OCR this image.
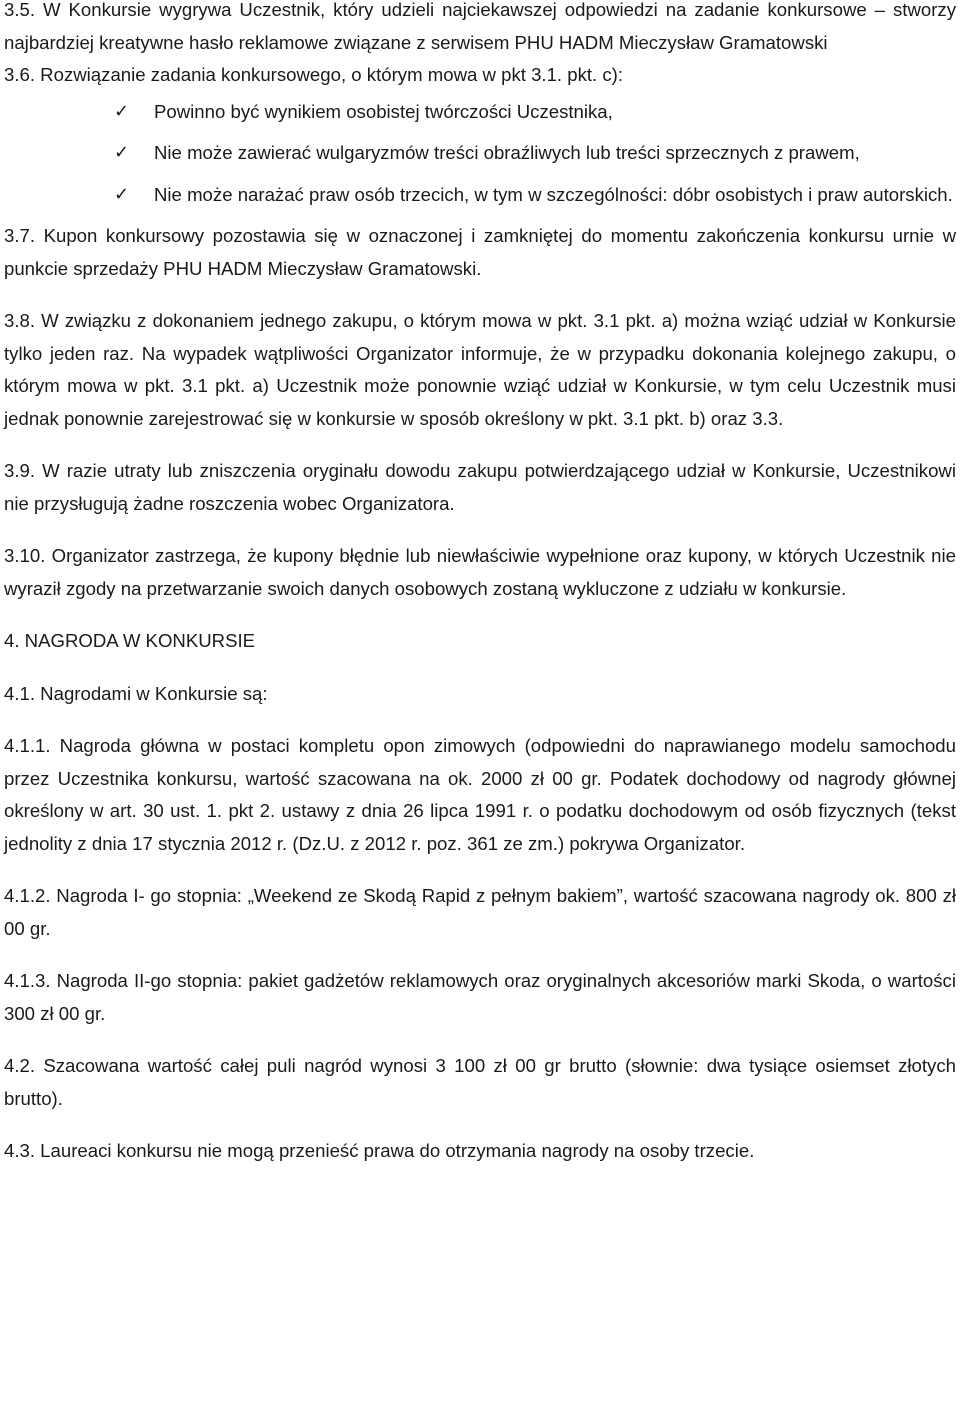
3.5. W Konkursie wygrywa Uczestnik, który udzieli najciekawszej odpowiedzi na zadanie konkursowe – stworzy najbardziej kreatywne hasło reklamowe związane z serwisem PHU HADM Mieczysław Gramatowski

3.6. Rozwiązanie zadania konkursowego, o którym mowa w pkt 3.1. pkt. c):

✓	Powinno być wynikiem osobistej twórczości Uczestnika,
✓	Nie może zawierać wulgaryzmów treści obraźliwych lub treści sprzecznych z prawem,
✓	Nie może narażać praw osób trzecich, w tym w szczególności: dóbr osobistych i praw autorskich.

3.7. Kupon konkursowy pozostawia się w oznaczonej i zamkniętej do momentu zakończenia konkursu urnie w punkcie sprzedaży PHU HADM Mieczysław Gramatowski.

3.8. W związku z dokonaniem jednego zakupu, o którym mowa w pkt. 3.1 pkt. a) można wziąć udział w Konkursie tylko jeden raz. Na wypadek wątpliwości Organizator informuje, że w przypadku dokonania kolejnego zakupu, o którym mowa w pkt. 3.1 pkt. a) Uczestnik może ponownie wziąć udział w Konkursie, w tym celu Uczestnik musi jednak ponownie zarejestrować się w konkursie w sposób określony w pkt. 3.1 pkt. b) oraz 3.3.

3.9. W razie utraty lub zniszczenia oryginału dowodu zakupu potwierdzającego udział w Konkursie, Uczestnikowi nie przysługują żadne roszczenia wobec Organizatora.

3.10. Organizator zastrzega, że kupony błędnie lub niewłaściwie wypełnione oraz kupony, w których Uczestnik nie wyraził zgody na przetwarzanie swoich danych osobowych zostaną wykluczone z udziału w konkursie.

4. NAGRODA W KONKURSIE

4.1. Nagrodami w Konkursie są:

4.1.1. Nagroda główna w postaci kompletu opon zimowych (odpowiedni do naprawianego modelu samochodu przez Uczestnika konkursu, wartość szacowana na ok. 2000 zł 00 gr. Podatek dochodowy od nagrody głównej określony w art. 30 ust. 1. pkt 2. ustawy z dnia 26 lipca 1991 r. o podatku dochodowym od osób fizycznych (tekst jednolity z dnia 17 stycznia 2012 r. (Dz.U. z 2012 r. poz. 361 ze zm.) pokrywa Organizator.

4.1.2. Nagroda I- go stopnia: „Weekend ze Skodą Rapid z pełnym bakiem”, wartość szacowana nagrody ok. 800 zł 00 gr.

4.1.3. Nagroda II-go stopnia: pakiet gadżetów reklamowych oraz oryginalnych akcesoriów marki Skoda, o wartości 300 zł 00 gr.

4.2. Szacowana wartość całej puli nagród wynosi 3 100 zł 00 gr brutto (słownie: dwa tysiące osiemset złotych brutto).

4.3. Laureaci konkursu nie mogą przenieść prawa do otrzymania nagrody na osoby trzecie.
